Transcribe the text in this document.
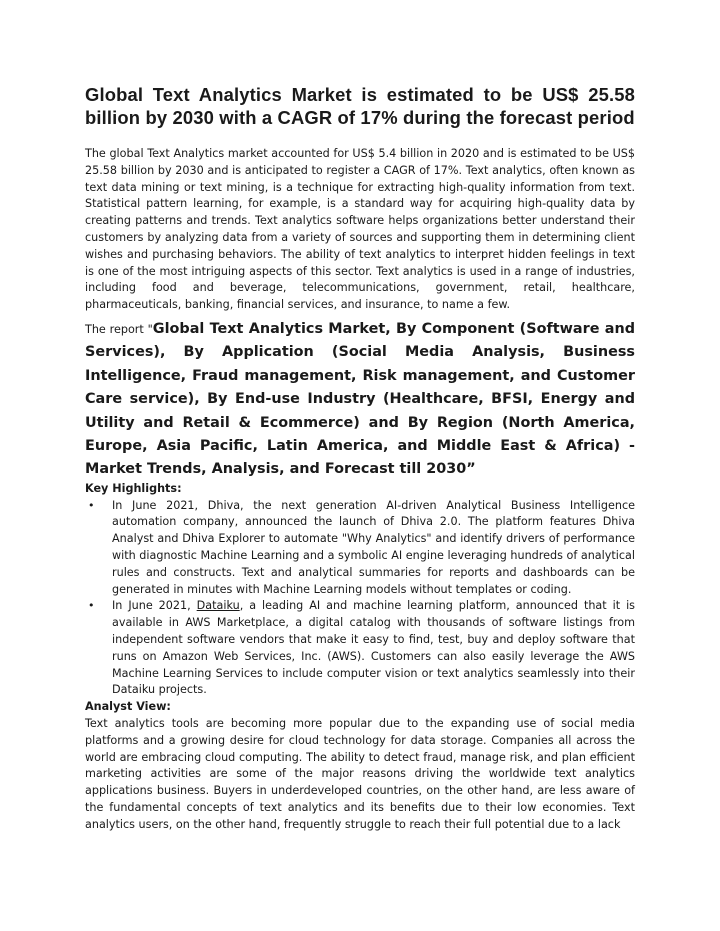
Global Text Analytics Market is estimated to be US$ 25.58 billion by 2030 with a CAGR of 17% during the forecast period

The global Text Analytics market accounted for US$ 5.4 billion in 2020 and is estimated to be US$ 25.58 billion by 2030 and is anticipated to register a CAGR of 17%. Text analytics, often known as text data mining or text mining, is a technique for extracting high-quality information from text. Statistical pattern learning, for example, is a standard way for acquiring high-quality data by creating patterns and trends. Text analytics software helps organizations better understand their customers by analyzing data from a variety of sources and supporting them in determining client wishes and purchasing behaviors. The ability of text analytics to interpret hidden feelings in text is one of the most intriguing aspects of this sector. Text analytics is used in a range of industries, including food and beverage, telecommunications, government, retail, healthcare, pharmaceuticals, banking, financial services, and insurance, to name a few.

The report "Global Text Analytics Market, By Component (Software and Services), By Application (Social Media Analysis, Business Intelligence, Fraud management, Risk management, and Customer Care service), By End-use Industry (Healthcare, BFSI, Energy and Utility and Retail & Ecommerce) and By Region (North America, Europe, Asia Pacific, Latin America, and Middle East & Africa) - Market Trends, Analysis, and Forecast till 2030”

Key Highlights:

• In June 2021, Dhiva, the next generation AI-driven Analytical Business Intelligence automation company, announced the launch of Dhiva 2.0. The platform features Dhiva Analyst and Dhiva Explorer to automate "Why Analytics" and identify drivers of performance with diagnostic Machine Learning and a symbolic AI engine leveraging hundreds of analytical rules and constructs. Text and analytical summaries for reports and dashboards can be generated in minutes with Machine Learning models without templates or coding.
• In June 2021, Dataiku, a leading AI and machine learning platform, announced that it is available in AWS Marketplace, a digital catalog with thousands of software listings from independent software vendors that make it easy to find, test, buy and deploy software that runs on Amazon Web Services, Inc. (AWS). Customers can also easily leverage the AWS Machine Learning Services to include computer vision or text analytics seamlessly into their Dataiku projects.

Analyst View:

Text analytics tools are becoming more popular due to the expanding use of social media platforms and a growing desire for cloud technology for data storage. Companies all across the world are embracing cloud computing. The ability to detect fraud, manage risk, and plan efficient marketing activities are some of the major reasons driving the worldwide text analytics applications business. Buyers in underdeveloped countries, on the other hand, are less aware of the fundamental concepts of text analytics and its benefits due to their low economies. Text analytics users, on the other hand, frequently struggle to reach their full potential due to a lack
